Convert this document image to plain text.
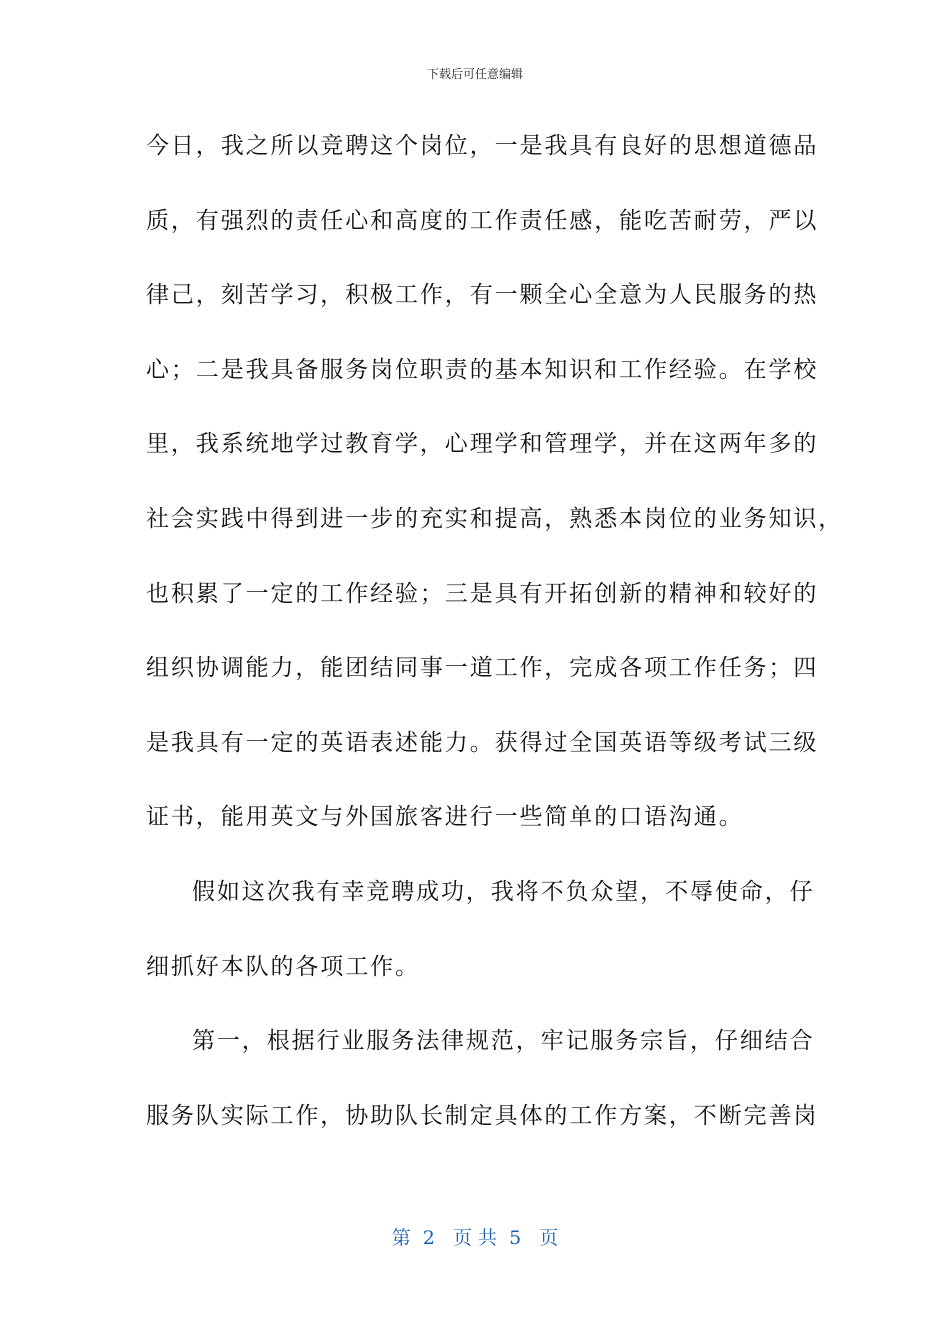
下载后可任意编辑
今日，我之所以竞聘这个岗位，一是我具有良好的思想道德品
质，有强烈的责任心和高度的工作责任感，能吃苦耐劳，严以
律己，刻苦学习，积极工作，有一颗全心全意为人民服务的热
心；二是我具备服务岗位职责的基本知识和工作经验。在学校
里，我系统地学过教育学，心理学和管理学，并在这两年多的
社会实践中得到进一步的充实和提高，熟悉本岗位的业务知识，
也积累了一定的工作经验；三是具有开拓创新的精神和较好的
组织协调能力，能团结同事一道工作，完成各项工作任务；四
是我具有一定的英语表述能力。获得过全国英语等级考试三级
证书，能用英文与外国旅客进行一些简单的口语沟通。
假如这次我有幸竞聘成功，我将不负众望，不辱使命，仔
细抓好本队的各项工作。
第一，根据行业服务法律规范，牢记服务宗旨，仔细结合
服务队实际工作，协助队长制定具体的工作方案，不断完善岗
第  2   页 共  5   页
